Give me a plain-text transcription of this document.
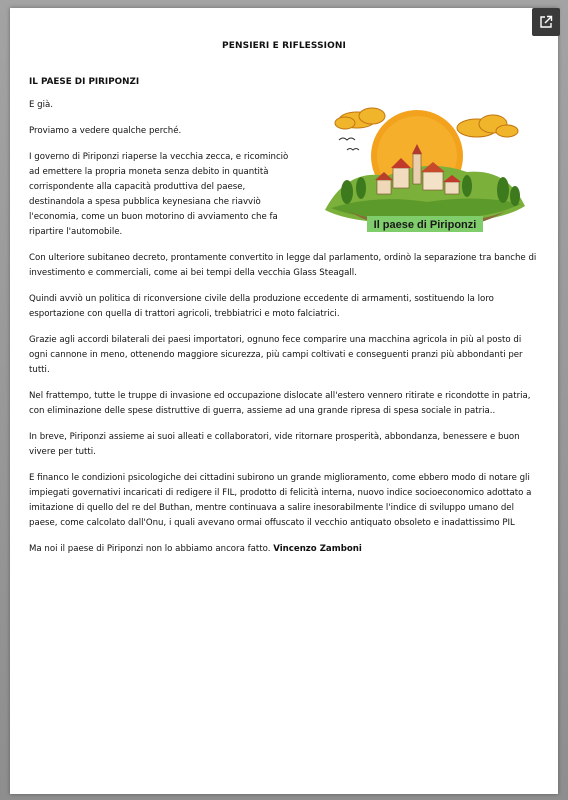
PENSIERI E RIFLESSIONI
IL PAESE DI PIRIPONZI
Il paese di Piriponzi

E già.

Proviamo a vedere qualche perché.

I governo di Piriponzi riaperse la vecchia zecca, e ricominciò ad emettere la propria moneta senza debito in quantità corrispondente alla capacità produttiva del paese, destinandola a spesa pubblica keynesiana che riavviò l'economia, come un buon motorino di avviamento che fa ripartire l'automobile.

Con ulteriore subitaneo decreto, prontamente convertito in legge dal parlamento, ordinò la separazione tra banche di investimento e commerciali, come ai bei tempi della vecchia Glass Steagall.

Quindi avviò un politica di riconversione civile della produzione eccedente di armamenti, sostituendo la loro esportazione con quella di trattori agricoli, trebbiatrici e moto falciatrici.

Grazie agli accordi bilaterali dei paesi importatori, ognuno fece comparire una macchina agricola in più al posto di ogni cannone in meno, ottenendo maggiore sicurezza, più campi coltivati e conseguenti pranzi più abbondanti per tutti.

Nel frattempo, tutte le truppe di invasione ed occupazione dislocate all'estero vennero ritirate e ricondotte in patria, con eliminazione delle spese distruttive di guerra, assieme ad una grande ripresa di spesa sociale in patria..

In breve, Piriponzi assieme ai suoi alleati e collaboratori, vide ritornare prosperità, abbondanza, benessere e buon vivere per tutti.

E financo le condizioni psicologiche dei cittadini subirono un grande miglioramento, come ebbero modo di notare gli impiegati governativi incaricati di redigere il FIL, prodotto di felicità interna, nuovo indice socioeconomico adottato a imitazione di quello del re del Buthan, mentre continuava a salire inesorabilmente l'indice di sviluppo umano del paese, come calcolato dall'Onu, i quali avevano ormai offuscato il vecchio antiquato obsoleto e inadattissimo PIL

Ma noi il paese di Piriponzi non lo abbiamo ancora fatto. Vincenzo Zamboni
